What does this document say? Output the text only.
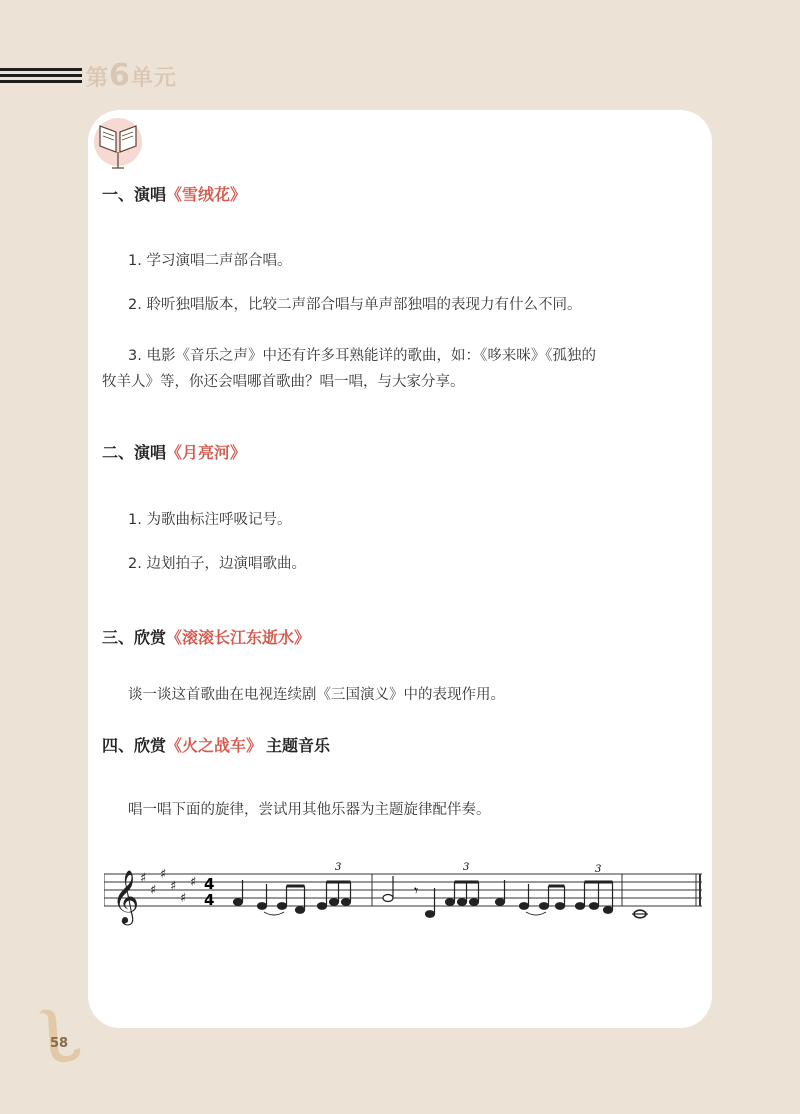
第6单元
一、演唱《雪绒花》
1. 学习演唱二声部合唱。
2. 聆听独唱版本，比较二声部合唱与单声部独唱的表现力有什么不同。
3. 电影《音乐之声》中还有许多耳熟能详的歌曲，如：《哆来咪》《孤独的
牧羊人》等，你还会唱哪首歌曲？唱一唱，与大家分享。
二、演唱《月亮河》
1. 为歌曲标注呼吸记号。
2. 边划拍子，边演唱歌曲。
三、欣赏《滚滚长江东逝水》
谈一谈这首歌曲在电视连续剧《三国演义》中的表现作用。
四、欣赏《火之战车》 主题音乐
唱一唱下面的旋律，尝试用其他乐器为主题旋律配伴奏。
𝄞 ♯
♯
♯
♯
♯
♯ 4
4	𝄾
3	3	3
58
